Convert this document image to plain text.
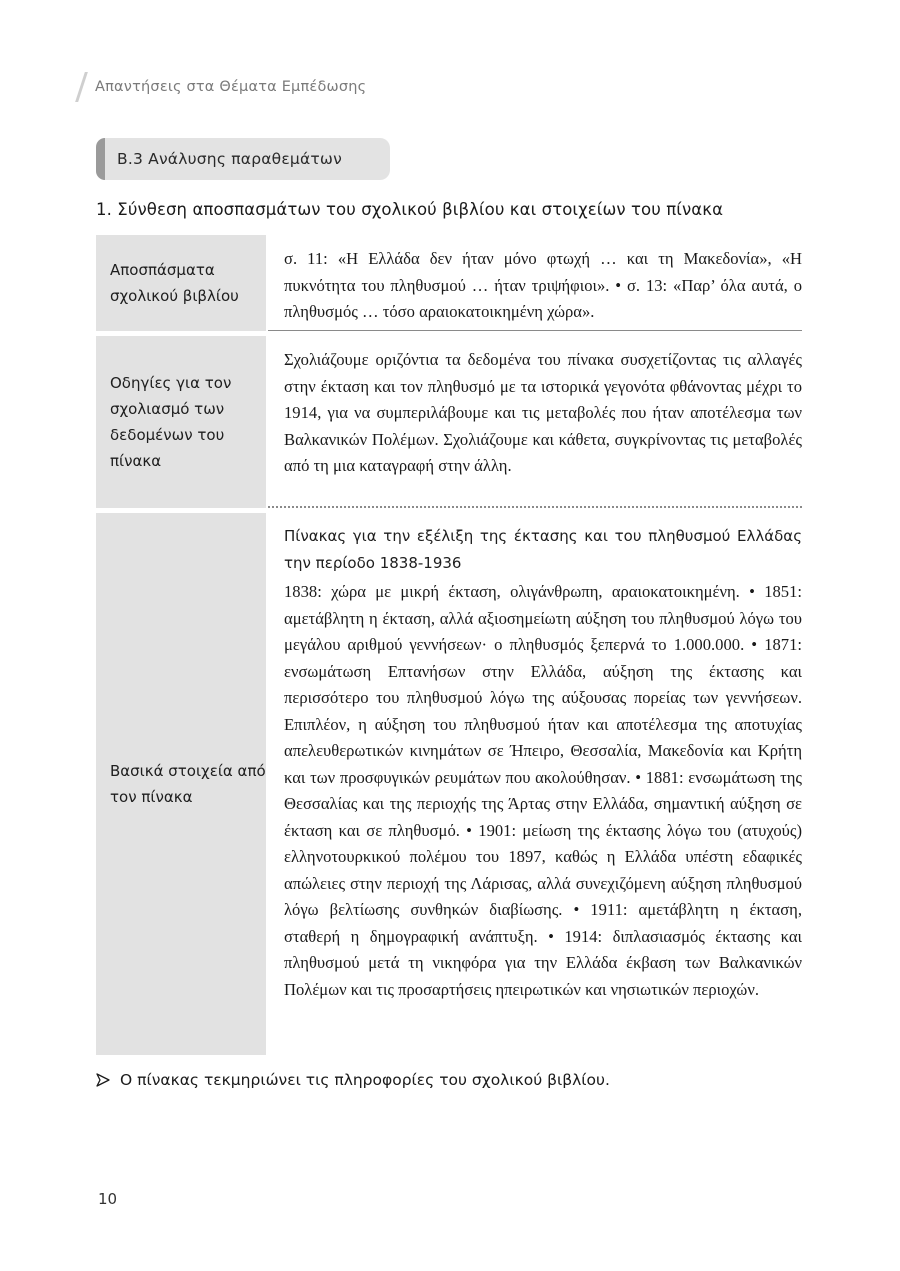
Απαντήσεις στα Θέματα Εμπέδωσης
Β.3 Ανάλυσης παραθεμάτων
1. Σύνθεση αποσπασμάτων του σχολικού βιβλίου και στοιχείων του πίνακα
Αποσπάσματα σχολικού βιβλίου
σ. 11: «Η Ελλάδα δεν ήταν μόνο φτωχή … και τη Μακεδονία», «Η πυκνότητα του πληθυσμού … ήταν τριψήφιοι». • σ. 13: «Παρ’ όλα αυτά, ο πληθυσμός … τόσο αραιοκατοικημένη χώρα».
Οδηγίες για τον σχολιασμό των δεδομένων του πίνακα
Σχολιάζουμε οριζόντια τα δεδομένα του πίνακα συσχετίζοντας τις αλλαγές στην έκταση και τον πληθυσμό με τα ιστορικά γεγονότα φθάνοντας μέχρι το 1914, για να συμπεριλάβουμε και τις μεταβολές που ήταν αποτέλεσμα των Βαλκανικών Πολέμων. Σχολιάζουμε και κάθετα, συγκρίνοντας τις μεταβολές από τη μια καταγραφή στην άλλη.
Βασικά στοιχεία από τον πίνακα
Πίνακας για την εξέλιξη της έκτασης και του πληθυσμού Ελλάδας την περίοδο 1838-1936
1838: χώρα με μικρή έκταση, ολιγάνθρωπη, αραιοκατοικημένη. • 1851: αμετάβλητη η έκταση, αλλά αξιοσημείωτη αύξηση του πληθυσμού λόγω του μεγάλου αριθμού γεννήσεων· ο πληθυσμός ξεπερνά το 1.000.000. • 1871: ενσωμάτωση Επτανήσων στην Ελλάδα, αύξηση της έκτασης και περισσότερο του πληθυσμού λόγω της αύξουσας πορείας των γεννήσεων. Επιπλέον, η αύξηση του πληθυσμού ήταν και αποτέλεσμα της αποτυχίας απελευθερωτικών κινημάτων σε Ήπειρο, Θεσσαλία, Μακεδονία και Κρήτη και των προσφυγικών ρευμάτων που ακολούθησαν. • 1881: ενσωμάτωση της Θεσσαλίας και της περιοχής της Άρτας στην Ελλάδα, σημαντική αύξηση σε έκταση και σε πληθυσμό. • 1901: μείωση της έκτασης λόγω του (ατυχούς) ελληνοτουρκικού πολέμου του 1897, καθώς η Ελλάδα υπέστη εδαφικές απώλειες στην περιοχή της Λάρισας, αλλά συνεχιζόμενη αύξηση πληθυσμού λόγω βελτίωσης συνθηκών διαβίωσης. • 1911: αμετάβλητη η έκταση, σταθερή η δημογραφική ανάπτυξη. • 1914: διπλασιασμός έκτασης και πληθυσμού μετά τη νικηφόρα για την Ελλάδα έκβαση των Βαλκανικών Πολέμων και τις προσαρτήσεις ηπειρωτικών και νησιωτικών περιοχών.
Ο πίνακας τεκμηριώνει τις πληροφορίες του σχολικού βιβλίου.
10
